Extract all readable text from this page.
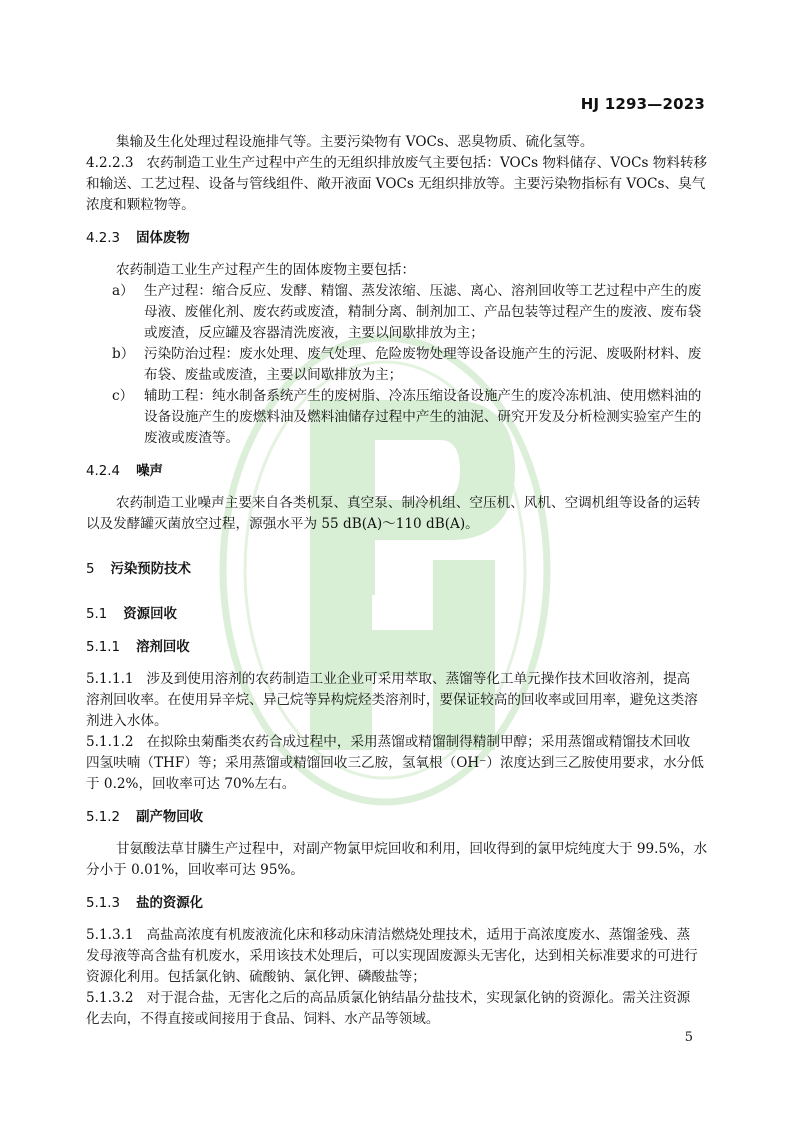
HJ 1293—2023
集输及生化处理过程设施排气等。主要污染物有 VOCs、恶臭物质、硫化氢等。
4.2.2.3 农药制造工业生产过程中产生的无组织排放废气主要包括：VOCs 物料储存、VOCs 物料转移
和输送、工艺过程、设备与管线组件、敞开液面 VOCs 无组织排放等。主要污染物指标有 VOCs、臭气
浓度和颗粒物等。
4.2.3 固体废物
农药制造工业生产过程产生的固体废物主要包括：
a） 生产过程：缩合反应、发酵、精馏、蒸发浓缩、压滤、离心、溶剂回收等工艺过程中产生的废
母液、废催化剂、废农药或废渣，精制分离、制剂加工、产品包装等过程产生的废液、废布袋
或废渣，反应罐及容器清洗废液，主要以间歇排放为主；
b） 污染防治过程：废水处理、废气处理、危险废物处理等设备设施产生的污泥、废吸附材料、废
布袋、废盐或废渣，主要以间歇排放为主；
c） 辅助工程：纯水制备系统产生的废树脂、冷冻压缩设备设施产生的废冷冻机油、使用燃料油的
设备设施产生的废燃料油及燃料油储存过程中产生的油泥、研究开发及分析检测实验室产生的
废液或废渣等。
4.2.4 噪声
农药制造工业噪声主要来自各类机泵、真空泵、制冷机组、空压机、风机、空调机组等设备的运转
以及发酵罐灭菌放空过程，源强水平为 55 dB(A)～110 dB(A)。
5 污染预防技术
5.1 资源回收
5.1.1 溶剂回收
5.1.1.1 涉及到使用溶剂的农药制造工业企业可采用萃取、蒸馏等化工单元操作技术回收溶剂，提高
溶剂回收率。在使用异辛烷、异己烷等异构烷烃类溶剂时，要保证较高的回收率或回用率，避免这类溶
剂进入水体。
5.1.1.2 在拟除虫菊酯类农药合成过程中，采用蒸馏或精馏制得精制甲醇；采用蒸馏或精馏技术回收
四氢呋喃（THF）等；采用蒸馏或精馏回收三乙胺，氢氧根（OH⁻）浓度达到三乙胺使用要求，水分低
于 0.2%，回收率可达 70%左右。
5.1.2 副产物回收
甘氨酸法草甘膦生产过程中，对副产物氯甲烷回收和利用，回收得到的氯甲烷纯度大于 99.5%，水
分小于 0.01%，回收率可达 95%。
5.1.3 盐的资源化
5.1.3.1 高盐高浓度有机废液流化床和移动床清洁燃烧处理技术，适用于高浓度废水、蒸馏釜残、蒸
发母液等高含盐有机废水，采用该技术处理后，可以实现固废源头无害化，达到相关标准要求的可进行
资源化利用。包括氯化钠、硫酸钠、氯化钾、磷酸盐等；
5.1.3.2 对于混合盐，无害化之后的高品质氯化钠结晶分盐技术，实现氯化钠的资源化。需关注资源
化去向，不得直接或间接用于食品、饲料、水产品等领域。
5
